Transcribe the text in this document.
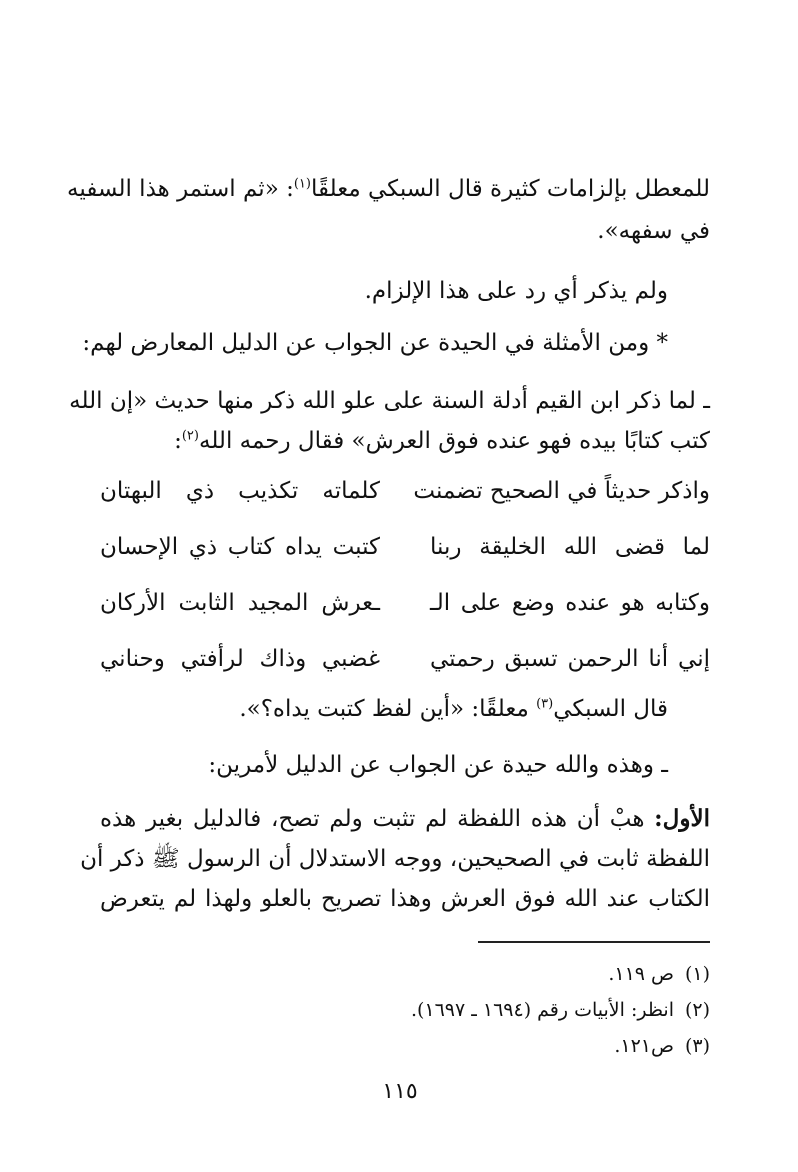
للمعطل بإلزامات كثيرة قال السبكي معلقًا$^{(١)}$: «ثم استمر هذا السفيه
في سفهه».
ولم يذكر أي رد على هذا الإلزام.
* ومن الأمثلة في الحيدة عن الجواب عن الدليل المعارض لهم:
ـ لما ذكر ابن القيم أدلة السنة على علو الله ذكر منها حديث «إن الله
كتب كتابًا بيده فهو عنده فوق العرش» فقال رحمه الله$^{(٢)}$:
واذكر حديثاً في الصحيح تضمنت
كلماته تكذيب ذي البهتان
لما قضى الله الخليقة ربنا
كتبت يداه كتاب ذي الإحسان
وكتابه هو عنده وضع على الـ
ـعرش المجيد الثابت الأركان
إني أنا الرحمن تسبق رحمتي
غضبي وذاك لرأفتي وحناني
قال السبكي$^{(٣)}$ معلقًا: «أين لفظ كتبت يداه؟».
ـ وهذه والله حيدة عن الجواب عن الدليل لأمرين:
الأول: هبْ أن هذه اللفظة لم تثبت ولم تصح، فالدليل بغير هذه
اللفظة ثابت في الصحيحين، ووجه الاستدلال أن الرسول ﷺ ذكر أن
الكتاب عند الله فوق العرش وهذا تصريح بالعلو ولهذا لم يتعرض
(١)ص ١١٩.
(٢)انظر: الأبيات رقم (١٦٩٤ ـ ١٦٩٧).
(٣)ص١٢١.
١١٥
